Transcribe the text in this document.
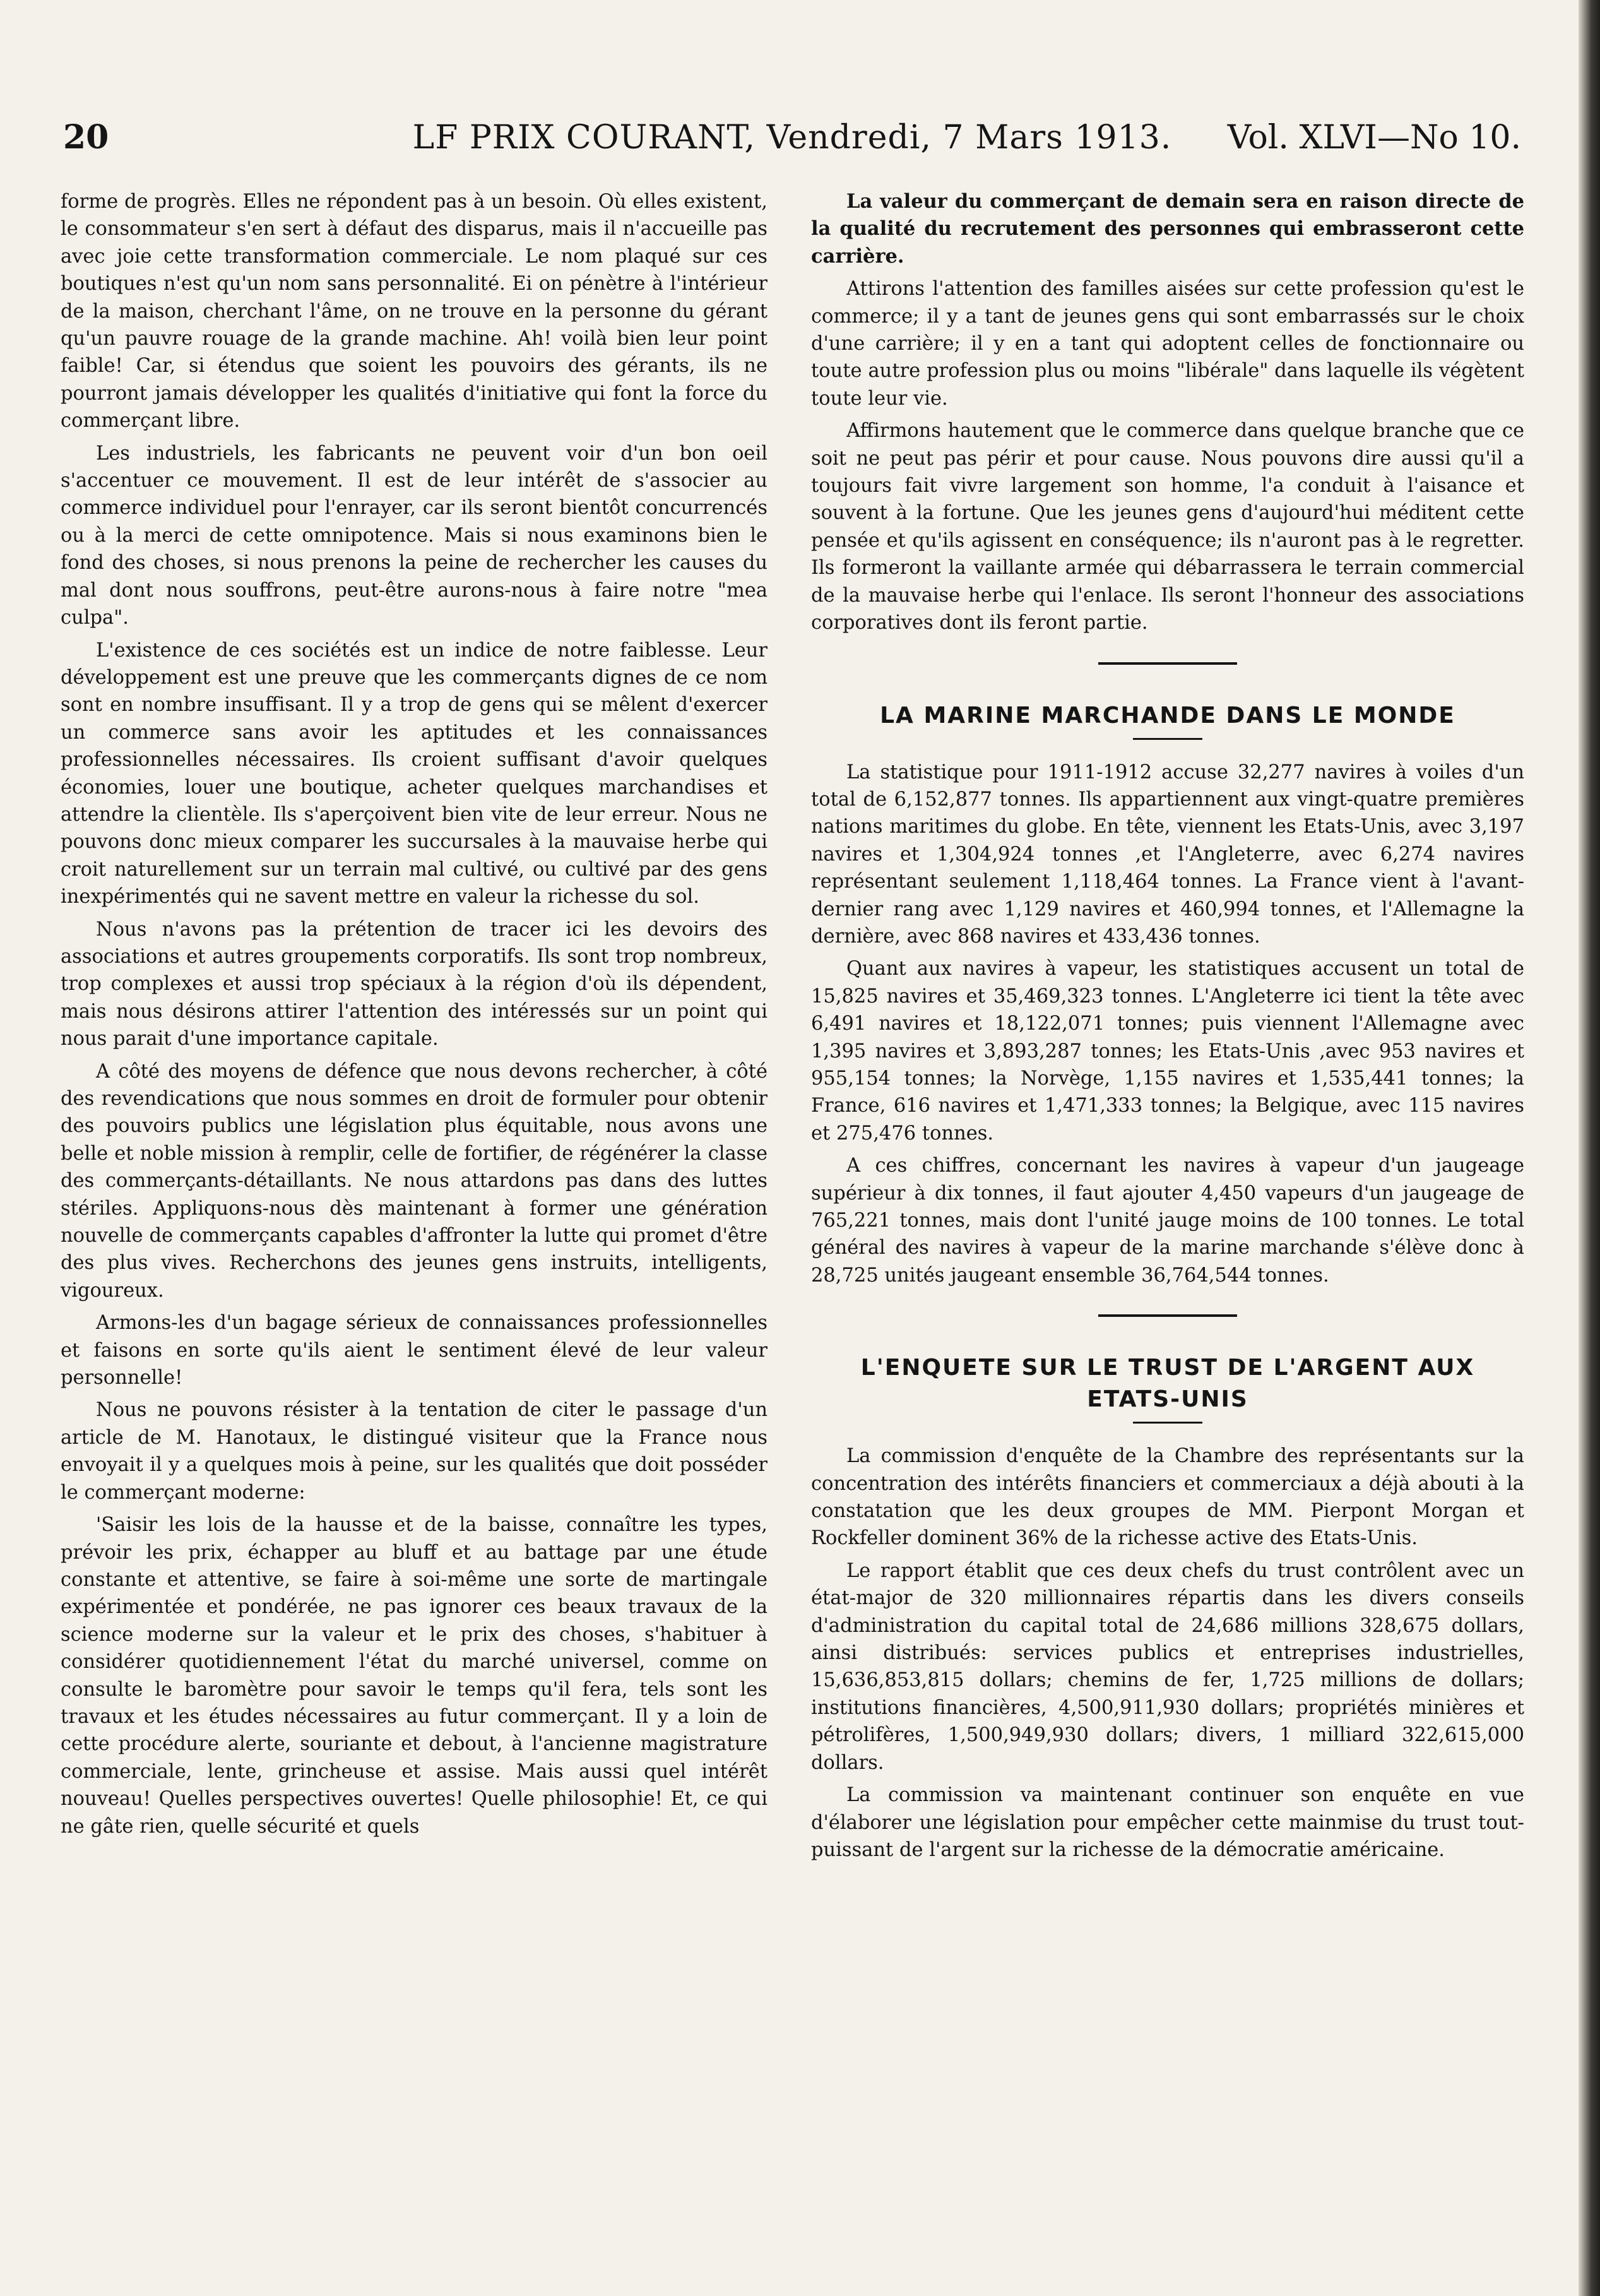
20	LF PRIX COURANT, Vendredi, 7 Mars 1913.	Vol. XLVI—No 10.

forme de progrès. Elles ne répondent pas à un besoin. Où elles existent, le consommateur s'en sert à défaut des disparus, mais il n'accueille pas avec joie cette transformation commerciale. Le nom plaqué sur ces boutiques n'est qu'un nom sans personnalité. Ei on pénètre à l'intérieur de la maison, cherchant l'âme, on ne trouve en la personne du gérant qu'un pauvre rouage de la grande machine. Ah! voilà bien leur point faible! Car, si étendus que soient les pouvoirs des gérants, ils ne pourront jamais développer les qualités d'initiative qui font la force du commerçant libre.

Les industriels, les fabricants ne peuvent voir d'un bon oeil s'accentuer ce mouvement. Il est de leur intérêt de s'associer au commerce individuel pour l'enrayer, car ils seront bientôt concurrencés ou à la merci de cette omnipotence. Mais si nous examinons bien le fond des choses, si nous prenons la peine de rechercher les causes du mal dont nous souffrons, peut-être aurons-nous à faire notre "mea culpa".

L'existence de ces sociétés est un indice de notre faiblesse. Leur développement est une preuve que les commerçants dignes de ce nom sont en nombre insuffisant. Il y a trop de gens qui se mêlent d'exercer un commerce sans avoir les aptitudes et les connaissances professionnelles nécessaires. Ils croient suffisant d'avoir quelques économies, louer une boutique, acheter quelques marchandises et attendre la clientèle. Ils s'aperçoivent bien vite de leur erreur. Nous ne pouvons donc mieux comparer les succursales à la mauvaise herbe qui croit naturellement sur un terrain mal cultivé, ou cultivé par des gens inexpérimentés qui ne savent mettre en valeur la richesse du sol.

Nous n'avons pas la prétention de tracer ici les devoirs des associations et autres groupements corporatifs. Ils sont trop nombreux, trop complexes et aussi trop spéciaux à la région d'où ils dépendent, mais nous désirons attirer l'attention des intéressés sur un point qui nous parait d'une importance capitale.

A côté des moyens de défence que nous devons rechercher, à côté des revendications que nous sommes en droit de formuler pour obtenir des pouvoirs publics une législation plus équitable, nous avons une belle et noble mission à remplir, celle de fortifier, de régénérer la classe des commerçants-détaillants. Ne nous attardons pas dans des luttes stériles. Appliquons-nous dès maintenant à former une génération nouvelle de commerçants capables d'affronter la lutte qui promet d'être des plus vives. Recherchons des jeunes gens instruits, intelligents, vigoureux.

Armons-les d'un bagage sérieux de connaissances professionnelles et faisons en sorte qu'ils aient le sentiment élevé de leur valeur personnelle!

Nous ne pouvons résister à la tentation de citer le passage d'un article de M. Hanotaux, le distingué visiteur que la France nous envoyait il y a quelques mois à peine, sur les qualités que doit posséder le commerçant moderne:

'Saisir les lois de la hausse et de la baisse, connaître les types, prévoir les prix, échapper au bluff et au battage par une étude constante et attentive, se faire à soi-même une sorte de martingale expérimentée et pondérée, ne pas ignorer ces beaux travaux de la science moderne sur la valeur et le prix des choses, s'habituer à considérer quotidiennement l'état du marché universel, comme on consulte le baromètre pour savoir le temps qu'il fera, tels sont les travaux et les études nécessaires au futur commerçant. Il y a loin de cette procédure alerte, souriante et debout, à l'ancienne magistrature commerciale, lente, grincheuse et assise. Mais aussi quel intérêt nouveau! Quelles perspectives ouvertes! Quelle philosophie! Et, ce qui ne gâte rien, quelle sécurité et quels

La valeur du commerçant de demain sera en raison directe de la qualité du recrutement des personnes qui embrasseront cette carrière.

Attirons l'attention des familles aisées sur cette profession qu'est le commerce; il y a tant de jeunes gens qui sont embarrassés sur le choix d'une carrière; il y en a tant qui adoptent celles de fonctionnaire ou toute autre profession plus ou moins "libérale" dans laquelle ils végètent toute leur vie.

Affirmons hautement que le commerce dans quelque branche que ce soit ne peut pas périr et pour cause. Nous pouvons dire aussi qu'il a toujours fait vivre largement son homme, l'a conduit à l'aisance et souvent à la fortune. Que les jeunes gens d'aujourd'hui méditent cette pensée et qu'ils agissent en conséquence; ils n'auront pas à le regretter. Ils formeront la vaillante armée qui débarrassera le terrain commercial de la mauvaise herbe qui l'enlace. Ils seront l'honneur des associations corporatives dont ils feront partie.

LA MARINE MARCHANDE DANS LE MONDE

La statistique pour 1911-1912 accuse 32,277 navires à voiles d'un total de 6,152,877 tonnes. Ils appartiennent aux vingt-quatre premières nations maritimes du globe. En tête, viennent les Etats-Unis, avec 3,197 navires et 1,304,924 tonnes ,et l'Angleterre, avec 6,274 navires représentant seulement 1,118,464 tonnes. La France vient à l'avant-dernier rang avec 1,129 navires et 460,994 tonnes, et l'Allemagne la dernière, avec 868 navires et 433,436 tonnes.

Quant aux navires à vapeur, les statistiques accusent un total de 15,825 navires et 35,469,323 tonnes. L'Angleterre ici tient la tête avec 6,491 navires et 18,122,071 tonnes; puis viennent l'Allemagne avec 1,395 navires et 3,893,287 tonnes; les Etats-Unis ,avec 953 navires et 955,154 tonnes; la Norvège, 1,155 navires et 1,535,441 tonnes; la France, 616 navires et 1,471,333 tonnes; la Belgique, avec 115 navires et 275,476 tonnes.

A ces chiffres, concernant les navires à vapeur d'un jaugeage supérieur à dix tonnes, il faut ajouter 4,450 vapeurs d'un jaugeage de 765,221 tonnes, mais dont l'unité jauge moins de 100 tonnes. Le total général des navires à vapeur de la marine marchande s'élève donc à 28,725 unités jaugeant ensemble 36,764,544 tonnes.

L'ENQUETE SUR LE TRUST DE L'ARGENT AUX ETATS-UNIS

La commission d'enquête de la Chambre des représentants sur la concentration des intérêts financiers et commerciaux a déjà abouti à la constatation que les deux groupes de MM. Pierpont Morgan et Rockfeller dominent 36% de la richesse active des Etats-Unis.

Le rapport établit que ces deux chefs du trust contrôlent avec un état-major de 320 millionnaires répartis dans les divers conseils d'administration du capital total de 24,686 millions 328,675 dollars, ainsi distribués: services publics et entreprises industrielles, 15,636,853,815 dollars; chemins de fer, 1,725 millions de dollars; institutions financières, 4,500,911,930 dollars; propriétés minières et pétrolifères, 1,500,949,930 dollars; divers, 1 milliard 322,615,000 dollars.

La commission va maintenant continuer son enquête en vue d'élaborer une législation pour empêcher cette mainmise du trust tout-puissant de l'argent sur la richesse de la démocratie américaine.
